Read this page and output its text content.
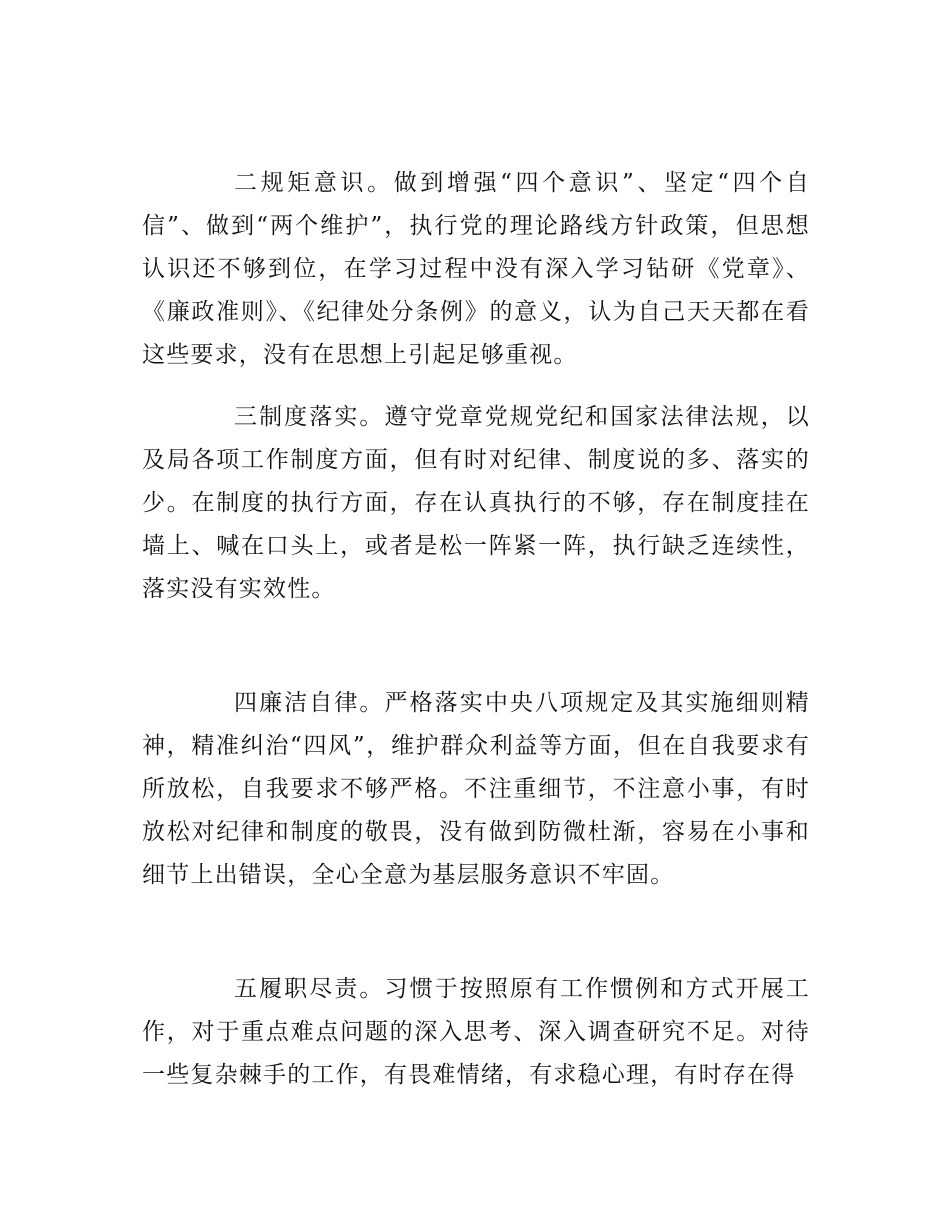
二规矩意识。做到增强“四个意识”、坚定“四个自信”、做到“两个维护”，执行党的理论路线方针政策，但思想认识还不够到位，在学习过程中没有深入学习钻研《党章》、《廉政准则》、《纪律处分条例》的意义，认为自己天天都在看这些要求，没有在思想上引起足够重视。

三制度落实。遵守党章党规党纪和国家法律法规，以及局各项工作制度方面，但有时对纪律、制度说的多、落实的少。在制度的执行方面，存在认真执行的不够，存在制度挂在墙上、喊在口头上，或者是松一阵紧一阵，执行缺乏连续性，落实没有实效性。

四廉洁自律。严格落实中央八项规定及其实施细则精神，精准纠治“四风”，维护群众利益等方面，但在自我要求有所放松，自我要求不够严格。不注重细节，不注意小事，有时放松对纪律和制度的敬畏，没有做到防微杜渐，容易在小事和细节上出错误，全心全意为基层服务意识不牢固。

五履职尽责。习惯于按照原有工作惯例和方式开展工作，对于重点难点问题的深入思考、深入调查研究不足。对待一些复杂棘手的工作，有畏难情绪，有求稳心理，有时存在得
